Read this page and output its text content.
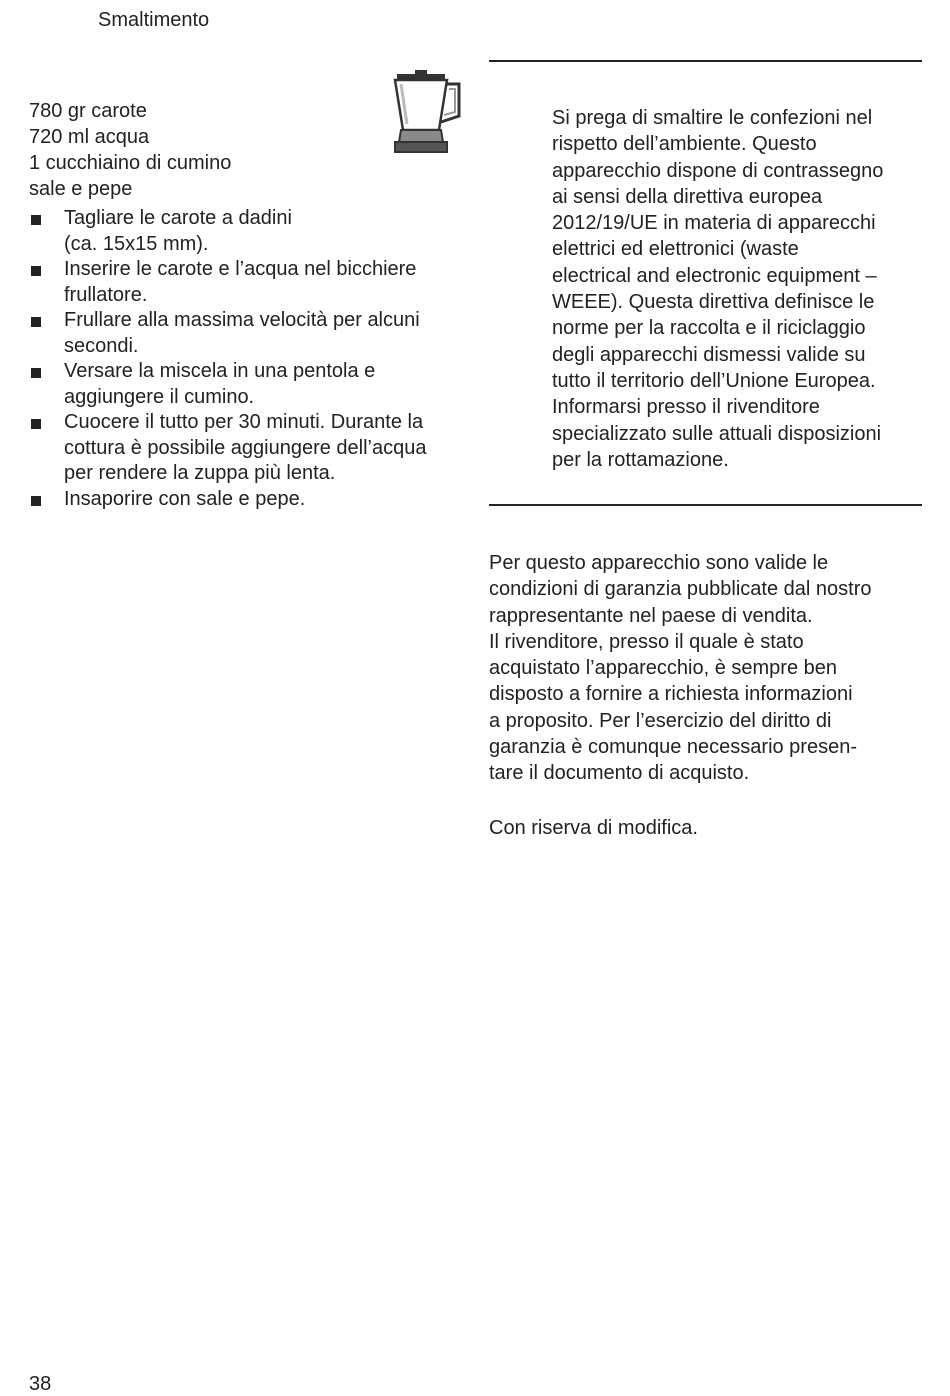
Smaltimento
780 gr carote
720 ml acqua
1 cucchiaino di cumino
sale e pepe
Tagliare le carote a dadini
(ca. 15x15 mm).
Inserire le carote e l’acqua nel bicchiere
frullatore.
Frullare alla massima velocità per alcuni
secondi.
Versare la miscela in una pentola e
aggiungere il cumino.
Cuocere il tutto per 30 minuti. Durante la
cottura è possibile aggiungere dell’acqua
per rendere la zuppa più lenta.
Insaporire con sale e pepe.

Si prega di smaltire le confezioni nel
rispetto dell’ambiente. Questo
apparecchio dispone di contrassegno
ai sensi della direttiva europea
2012/19/UE in materia di apparecchi
elettrici ed elettronici (waste
electrical and electronic equipment –
WEEE). Questa direttiva definisce le
norme per la raccolta e il riciclaggio
degli apparecchi dismessi valide su
tutto il territorio dell’Unione Europea.
Informarsi presso il rivenditore
specializzato sulle attuali disposizioni
per la rottamazione.

Per questo apparecchio sono valide le
condizioni di garanzia pubblicate dal nostro
rappresentante nel paese di vendita.
Il rivenditore, presso il quale è stato
acquistato l’apparecchio, è sempre ben
disposto a fornire a richiesta informazioni
a proposito. Per l’esercizio del diritto di
garanzia è comunque necessario presen-
tare il documento di acquisto.

Con riserva di modifica.

38
